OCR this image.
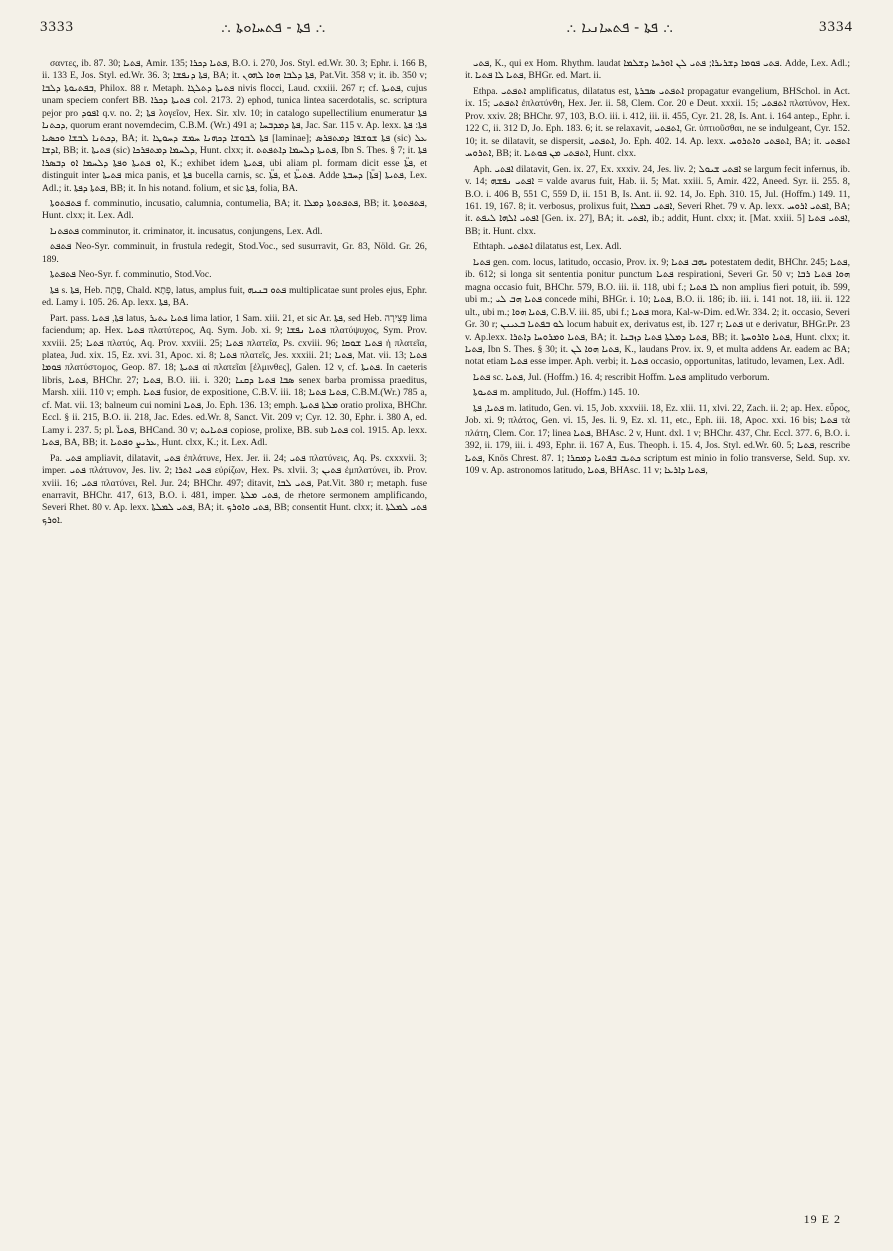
3333	∴ ܦܬܐ - ܦܬܚܐܘܬܐ ∴	∴ ܦܬܐ - ܦܬܚܐܢܝܐ ∴	3334

σαντες, ib. 87. 30; ܦܬܝܐ, Amir. 135; ܦܬܝܐ ܕܟܪܐ, B.O. i. 270, Jos. Styl. ed.Wr. 30. 3; Ephr. i. 166 B, ii. 133 E, Jos. Styl. ed.Wr. 36. 3; ܦܬܐ ܕܢܦܫܐ, BA; it. ܦܬܐ ܕܠܒܐ ܗܘܐ ܠܗܘܢ, Pat.Vit. 358 v; it. ib. 350 v; ܒܦܬܝܘܬܐ ܕܠܒܐ, Philox. 88 r. Metaph. ܦܬܝܬܐ ܕܬܠܓܐ nivis flocci, Laud. cxxiii. 267 r; cf. ܦܬܝܬܐ, cujus unam speciem confert BB. ܦܬܝܬܐ ܕܟܪܐ col. 2173. 2) ephod, tunica lintea sacerdotalis, sc. scriptura pejor pro ܐܦܘܕ q.v. no. 2; ܦܬܐ λογεῖον, Hex. Sir. xlv. 10; in catalogo supellectilium enumeratur ܦܬܐ ܕܟܬܢܐ, quorum erant novemdecim, C.B.M. (Wr.) 491 a; ܦܬܐ ܕܡܕܒܚܐ, Jac. Sar. 115 v. Ap. lexx. ܦܬܐ: ܦܬܐ ܕܟܬܢܐ ܠܒܫܐ ܘܟܣܝܐ, BA; it. ܦܬܐ ܠܒܘܫܐ ܕܟܗܢܐ ܚܡܫ ܕܚܘܛܐ [laminae]; ܦܬܐ ܫܘܫܦܐ ܕܡܬܦܪܣ (sic) ܥܠ ܐܕܫܐ, BB; it. ܦܬܝܬܐ (sic) ܕܠܚܡܐ ܕܡܬܦܪܟܐ, Hunt. clxx; it. ܦܬܝܬܐ ܕܠܚܡܐ ܕܐܬܦܬܬ, Ibn S. Thes. § 7; it. ܦܬܐ ܐܘ ܦܬܝܬܐ ܘܦܬܐ ܕܠܚܡܐ ܐܘ ܕܒܣܪܐ, K.; exhibet idem ܦܬܝܬܐ, ubi aliam pl. formam dicit esse ܦܬܐ̈, et distinguit inter ܦܬܝܬܐ mica panis, et ܦܬܐ bucella carnis, sc. ܦܬܐ̈, et ܦܬܝܬܐ̈. Adde ܦܬܝܬܐ [ܦܬܐ̈] ܕܚܒܬܐ, Lex. Adl.; it. ܦܬܬܐ ܕܦܬܐ, BB; it. In his notand. folium, et sic ܦܬܐ, folia, BA.

ܦܬܦܬܘܬܐ f. comminutio, incusatio, calumnia, contumelia, BA; it. ܦܬܦܬܘܬܐ ܕܡܠܐ, BB; it. ܦܬܦܬܘܬܐ, Hunt. clxx; it. Lex. Adl.

ܦܬܦܬܢܐ comminutor, it. criminator, it. incusatus, conjungens, Lex. Adl.

ܦܬܦܬ Neo-Syr. comminuit, in frustula redegit, Stod.Voc., sed susurravit, Gr. 83, Nöld. Gr. 26, 189.

ܦܬܦܬܬܐ Neo-Syr. f. comminutio, Stod.Voc.

ܦܬܐ s. ܦܬܐ, Heb. פָּתָה, Chald. פְּתָא, latus, amplus fuit, ܦܬܘ ܒܢܝܗ multiplicatae sunt proles ejus, Ephr. ed. Lamy i. 105. 26. Ap. lexx. ܦܬܐ, BA.

Part. pass. ܦܬܐ, ܦܬܝܐ latus, ܦܬܝܐ ܝܬܝܪ lima latior, 1 Sam. xiii. 21, et sic Ar. ܦܬܐ, sed Heb. פְּצִירָה lima faciendum; ap. Hex. ܦܬܝܐ πλατύτερος, Aq. Sym. Job. xi. 9; ܦܬܝܐ ܢܦܫܐ πλατύψυχος, Sym. Prov. xxviii. 25; ܦܬܝܐ πλατύς, Aq. Prov. xxviii. 25; ܦܬܝܐ πλατεῖα, Ps. cxviii. 96; ܦܬܝܐ ܫܘܩܐ ἡ πλατεῖα, platea, Jud. xix. 15, Ez. xvi. 31, Apoc. xi. 8; ܦܬܝܐ πλατεῖς, Jes. xxxiii. 21; ܦܬܝܐ, Mat. vii. 13; ܦܬܝܐ ܦܘܡܐ πλατύστομος, Geop. 87. 18; ܦܬܝܬܐ αἱ πλατεῖαι [ἐλμινθες], Galen. 12 v, cf. ܦܬܝܬܐ. In caeteris libris, ܦܬܝܐ, BHChr. 27; ܦܬܝܐ, B.O. iii. i. 320; ܣܒܐ ܦܬܝܐ ܕܩܢܐ senex barba promissa praeditus, Marsh. xiii. 110 v; emph. ܦܬܝܐ fusior, de expositione, C.B.V. iii. 18; ܦܬܝܐ ܦܬܝܐ, C.B.M.(Wr.) 785 a, cf. Mat. vii. 13; balneum cui nomini ܦܬܝܐ, Jo. Eph. 136. 13; emph. ܡܠܬܐ ܦܬܝܬܐ oratio prolixa, BHChr. Eccl. § ii. 215, B.O. ii. 218, Jac. Edes. ed.Wr. 8, Sanct. Vit. 209 v; Cyr. 12. 30, Ephr. i. 380 A, ed. Lamy i. 237. 5; pl. ܦܬܝܐ̈, BHCand. 30 v; ܦܬܝܐܝܬ copiose, prolixe, BB. sub ܦܬܝܐ col. 1915. Ap. lexx. ܦܬܝܐ, BA, BB; it. ܥܪܝܨ ܘܦܬܝܐ, Hunt. clxx, K.; it. Lex. Adl.

Pa. ܦܬܝ ampliavit, dilatavit, ܦܬܝ ἐπλάτυνε, Hex. Jer. ii. 24; ܦܬܝ πλατύνεις, Aq. Ps. cxxxvii. 3; imper. ܦܬܝ πλάτυνον, Jes. liv. 2; ܦܬܝ ܐܬܪܐ εὐρίζων, Hex. Ps. xlvii. 3; ܦܬܝܢ ἐμπλατύνει, ib. Prov. xviii. 16; ܦܬܝ πλατύνει, Rel. Jur. 24; BHChr. 497; ditavit, ܦܬܝ ܠܒܐ, Pat.Vit. 380 r; metaph. fuse enarravit, BHChr. 417, 613, B.O. i. 481, imper. ܦܬܝ ܡܠܬܐ, de rhetore sermonem amplificando, Severi Rhet. 80 v. Ap. lexx. ܦܬܝ ܠܡܠܬܐ, BA; it. ܦܬܝ ܘܐܘܪܟ, BB; consentit Hunt. clxx; it. ܦܬܝ ܠܡܠܬܐ ܐܘܪܟ.

ܦܬܝ, K., qui ex Hom. Rhythm. laudat ܦܬܝ ܦܘܡܐ ܕܫܪܝܪܐ; ܦܬܝ ܠܢ ܐܘܪܚܐ ܕܫܠܡܐ. Adde, Lex. Adl.; it. ܦܬܝܐ ܠܐ ܦܬܝܐ, BHGr. ed. Mart. ii.

Ethpa. ܐܬܦܬܝ amplificatus, dilatatus est, ܐܬܦܬܝ ܣܒܪܬܐ propagatur evangelium, BHSchol. in Act. ix. 15; ܐܬܦܬܝ ἐπλατύνθη, Hex. Jer. ii. 58, Clem. Cor. 20 e Deut. xxxii. 15; ܐܬܦܬܝ πλατύνον, Hex. Prov. xxiv. 28; BHChr. 97, 103, B.O. iii. i. 412, iii. ii. 455, Cyr. 21. 28, Is. Ant. i. 164 antep., Ephr. i. 122 C, ii. 312 D, Jo. Eph. 183. 6; it. se relaxavit, ܐܬܦܬܝ, Gr. ὑπτιοῦσθαι, ne se indulgeant, Cyr. 152. 10; it. se dilatavit, se dispersit, ܐܬܦܬܝ, Jo. Eph. 402. 14. Ap. lexx. ܐܬܦܬܝ ܘܐܬܪܘܚ, BA; it. ܐܬܦܬܝ ܐܬܪܘܚ, BB; it. ܐܬܦܬܝ ܡܢ ܦܘܬܝܐ, Hunt. clxx.

Aph. ܐܦܬܝ dilatavit, Gen. ix. 27, Ex. xxxiv. 24, Jes. liv. 2; ܐܦܬܝ ܫܝܘܠ se largum fecit infernus, ib. v. 14; ܐܦܬܝ ܢܦܫܗ = valde avarus fuit, Hab. ii. 5; Mat. xxiii. 5, Amir. 422, Aneed. Syr. ii. 255. 8, B.O. i. 406 B, 551 C, 559 D, ii. 151 B, Is. Ant. ii. 92. 14, Jo. Eph. 310. 15, Jul. (Hoffm.) 149. 11, 161. 19, 167. 8; it. verbosus, prolixus fuit, ܐܦܬܝ ܒܡܠܐ, Severi Rhet. 79 v. Ap. lexx. ܐܦܬܝ ܐܪܘܚ, BA; it. ܐܦܬܝ ܐܠܗܐ ܠܝܦܬ [Gen. ix. 27], BA; it. ܐܦܬܝ, ib.; addit, Hunt. clxx; it. [Mat. xxiii. 5] ܐܦܬܝ ܦܬܝܐ, BB; it. Hunt. clxx.

Ethtaph. ܐܬܦܬܝ dilatatus est, Lex. Adl.

ܦܬܝܐ gen. com. locus, latitudo, occasio, Prov. ix. 9; ܝܗܒ ܦܬܝܐ potestatem dedit, BHChr. 245; ܦܬܝܐ, ib. 612; si longa sit sententia ponitur punctum ܦܬܝܐ respirationi, Severi Gr. 50 v; ܗܘܐ ܦܬܝܐ ܪܒܐ magna occasio fuit, BHChr. 579, B.O. iii. ii. 118, ubi f.; ܠܐ ܦܬܝܐ non amplius fieri potuit, ib. 599, ubi m.; ܦܬܝܐ ܗܒ ܠܝ concede mihi, BHGr. i. 10; ܦܬܝܐ, B.O. ii. 186; ib. iii. i. 141 not. 18, iii. ii. 122 ult., ubi m.; ܦܬܝܐ ܗܘܐ, C.B.V. iii. 85, ubi f.; ܦܬܝܐ mora, Kal-w-Dim. ed.Wr. 334. 2; it. occasio, Severi Gr. 30 r; ܠܘ ܒܦܬܝܐ ܒܥܝܢܢ locum habuit ex, derivatus est, ib. 127 r; ܦܬܝܐ ut e derivatur, BHGr.Pr. 23 v. Ap.lexx. ܦܬܝܐ ܘܡܪܘܚܐ ܕܐܬܪܐ, BA; it. ܦܬܝܐ ܕܡܠܬܐ ܦܬܝܐ ܕܙܒܢܐ, BB; it. ܦܬܝܐ ܘܐܪܘܚܬܐ, Hunt. clxx; it. ܦܬܝܐ, Ibn S. Thes. § 30; it. ܦܬܝܐ ܗܘܐ ܠܢ, K., laudans Prov. ix. 9, et multa addens Ar. eadem ac BA; notat etiam ܦܬܝܐ esse imper. Aph. verbi; it. ܦܬܝܐ occasio, opportunitas, latitudo, levamen, Lex. Adl.

ܦܬܝܐ sc. ܦܬܝܐ, Jul. (Hoffm.) 16. 4; rescribit Hoffm. ܦܬܝܐ amplitudo verborum.

ܦܬܝܘܬܐ m. amplitudo, Jul. (Hoffm.) 145. 10.

ܦܬܝܐ, ܦܬܐ m. latitudo, Gen. vi. 15, Job. xxxviii. 18, Ez. xlii. 11, xlvi. 22, Zach. ii. 2; ap. Hex. εὖρος, Job. xi. 9; πλάτος, Gen. vi. 15, Jes. li. 9, Ez. xl. 11, etc., Eph. iii. 18, Apoc. xxi. 16 bis; ܦܬܝܐ τὰ πλάτη, Clem. Cor. 17; linea ܦܬܝܐ, BHAsc. 2 v, Hunt. dxl. 1 v; BHChr. 437, Chr. Eccl. 377. 6, B.O. i. 392, ii. 179, iii. i. 493, Ephr. ii. 167 A, Eus. Theoph. i. 15. 4, Jos. Styl. ed.Wr. 60. 5; ܦܬܝܐ, rescribe ܦܬܝܐ, Knös Chrest. 87. 1; ܟܬܝܒ ܒܦܬܝܐ ܕܡܩܪܐ scriptum est minio in folio transverse, Seld. Sup. xv. 109 v. Ap. astronomos latitudo, ܦܬܝܐ, BHAsc. 11 v; ܦܬܝܐ ܕܐܪܥܐ,

19 E 2
